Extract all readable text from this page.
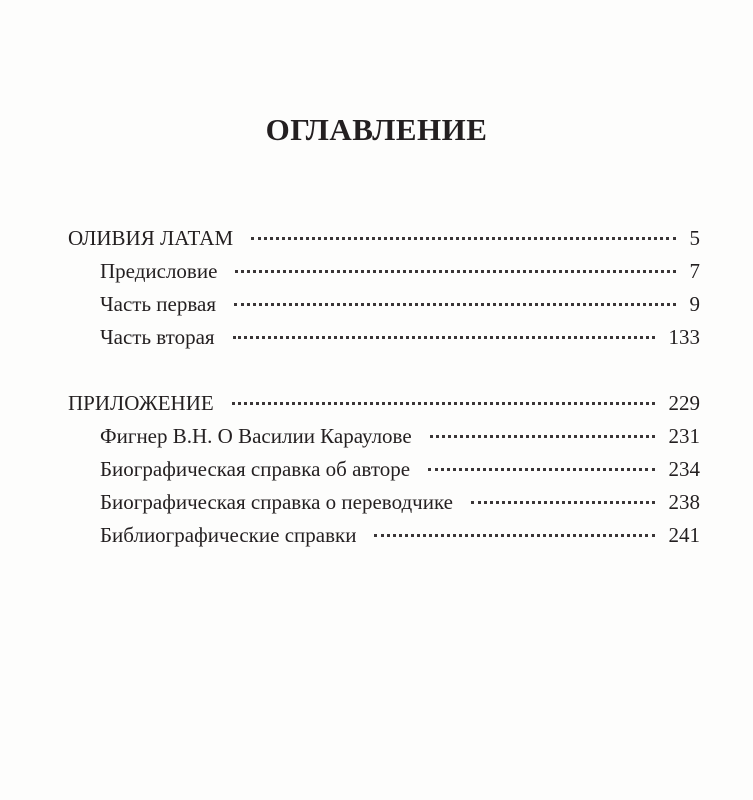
ОГЛАВЛЕНИЕ
ОЛИВИЯ ЛАТАМ	5
Предисловие	7
Часть первая	9
Часть вторая	133
ПРИЛОЖЕНИЕ	229
Фигнер В.Н. О Василии Караулове	231
Биографическая справка об авторе	234
Биографическая справка о переводчике	238
Библиографические справки	241
